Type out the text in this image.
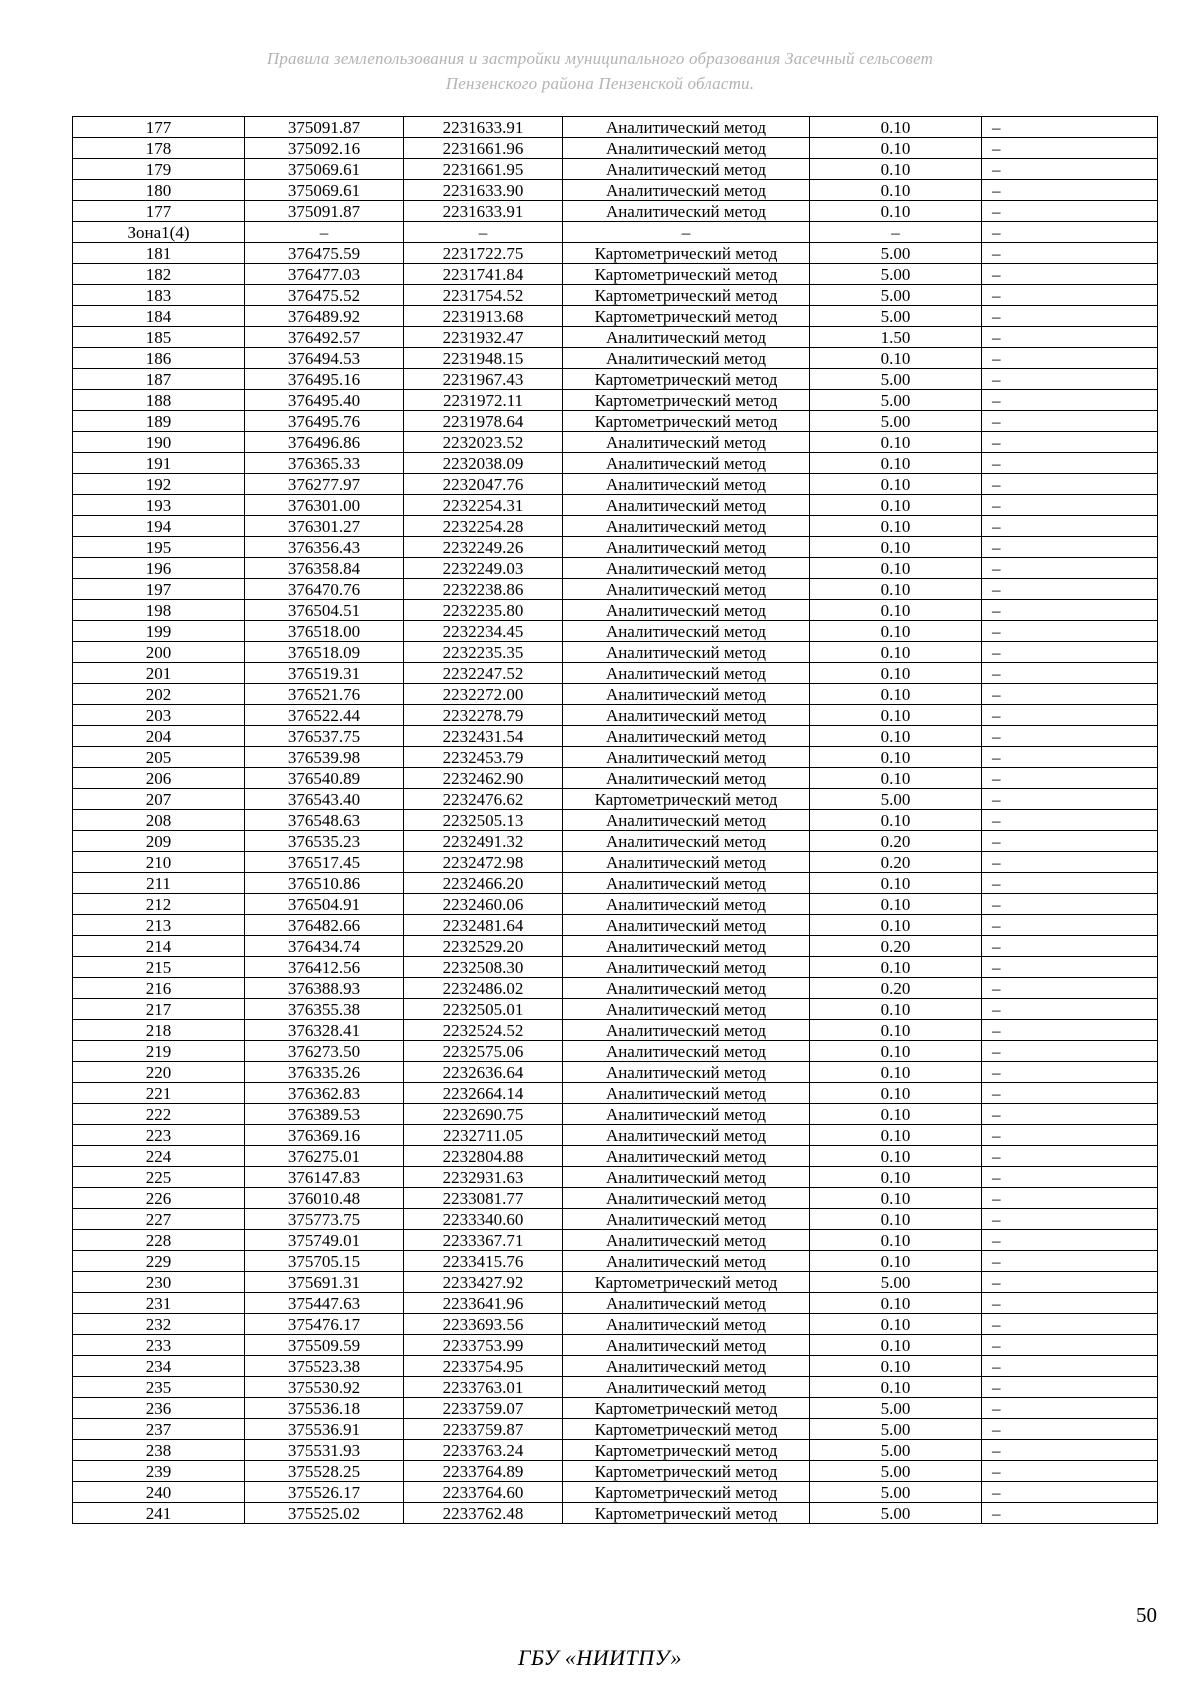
Правила землепользования и застройки муниципального образования Засечный сельсовет
Пензенского района Пензенской области.
177	375091.87	2231633.91	Аналитический метод	0.10	–
178	375092.16	2231661.96	Аналитический метод	0.10	–
179	375069.61	2231661.95	Аналитический метод	0.10	–
180	375069.61	2231633.90	Аналитический метод	0.10	–
177	375091.87	2231633.91	Аналитический метод	0.10	–
Зона1(4)	–	–	–	–	–
181	376475.59	2231722.75	Картометрический метод	5.00	–
182	376477.03	2231741.84	Картометрический метод	5.00	–
183	376475.52	2231754.52	Картометрический метод	5.00	–
184	376489.92	2231913.68	Картометрический метод	5.00	–
185	376492.57	2231932.47	Аналитический метод	1.50	–
186	376494.53	2231948.15	Аналитический метод	0.10	–
187	376495.16	2231967.43	Картометрический метод	5.00	–
188	376495.40	2231972.11	Картометрический метод	5.00	–
189	376495.76	2231978.64	Картометрический метод	5.00	–
190	376496.86	2232023.52	Аналитический метод	0.10	–
191	376365.33	2232038.09	Аналитический метод	0.10	–
192	376277.97	2232047.76	Аналитический метод	0.10	–
193	376301.00	2232254.31	Аналитический метод	0.10	–
194	376301.27	2232254.28	Аналитический метод	0.10	–
195	376356.43	2232249.26	Аналитический метод	0.10	–
196	376358.84	2232249.03	Аналитический метод	0.10	–
197	376470.76	2232238.86	Аналитический метод	0.10	–
198	376504.51	2232235.80	Аналитический метод	0.10	–
199	376518.00	2232234.45	Аналитический метод	0.10	–
200	376518.09	2232235.35	Аналитический метод	0.10	–
201	376519.31	2232247.52	Аналитический метод	0.10	–
202	376521.76	2232272.00	Аналитический метод	0.10	–
203	376522.44	2232278.79	Аналитический метод	0.10	–
204	376537.75	2232431.54	Аналитический метод	0.10	–
205	376539.98	2232453.79	Аналитический метод	0.10	–
206	376540.89	2232462.90	Аналитический метод	0.10	–
207	376543.40	2232476.62	Картометрический метод	5.00	–
208	376548.63	2232505.13	Аналитический метод	0.10	–
209	376535.23	2232491.32	Аналитический метод	0.20	–
210	376517.45	2232472.98	Аналитический метод	0.20	–
211	376510.86	2232466.20	Аналитический метод	0.10	–
212	376504.91	2232460.06	Аналитический метод	0.10	–
213	376482.66	2232481.64	Аналитический метод	0.10	–
214	376434.74	2232529.20	Аналитический метод	0.20	–
215	376412.56	2232508.30	Аналитический метод	0.10	–
216	376388.93	2232486.02	Аналитический метод	0.20	–
217	376355.38	2232505.01	Аналитический метод	0.10	–
218	376328.41	2232524.52	Аналитический метод	0.10	–
219	376273.50	2232575.06	Аналитический метод	0.10	–
220	376335.26	2232636.64	Аналитический метод	0.10	–
221	376362.83	2232664.14	Аналитический метод	0.10	–
222	376389.53	2232690.75	Аналитический метод	0.10	–
223	376369.16	2232711.05	Аналитический метод	0.10	–
224	376275.01	2232804.88	Аналитический метод	0.10	–
225	376147.83	2232931.63	Аналитический метод	0.10	–
226	376010.48	2233081.77	Аналитический метод	0.10	–
227	375773.75	2233340.60	Аналитический метод	0.10	–
228	375749.01	2233367.71	Аналитический метод	0.10	–
229	375705.15	2233415.76	Аналитический метод	0.10	–
230	375691.31	2233427.92	Картометрический метод	5.00	–
231	375447.63	2233641.96	Аналитический метод	0.10	–
232	375476.17	2233693.56	Аналитический метод	0.10	–
233	375509.59	2233753.99	Аналитический метод	0.10	–
234	375523.38	2233754.95	Аналитический метод	0.10	–
235	375530.92	2233763.01	Аналитический метод	0.10	–
236	375536.18	2233759.07	Картометрический метод	5.00	–
237	375536.91	2233759.87	Картометрический метод	5.00	–
238	375531.93	2233763.24	Картометрический метод	5.00	–
239	375528.25	2233764.89	Картометрический метод	5.00	–
240	375526.17	2233764.60	Картометрический метод	5.00	–
241	375525.02	2233762.48	Картометрический метод	5.00	–
50
ГБУ «НИИТПУ»
